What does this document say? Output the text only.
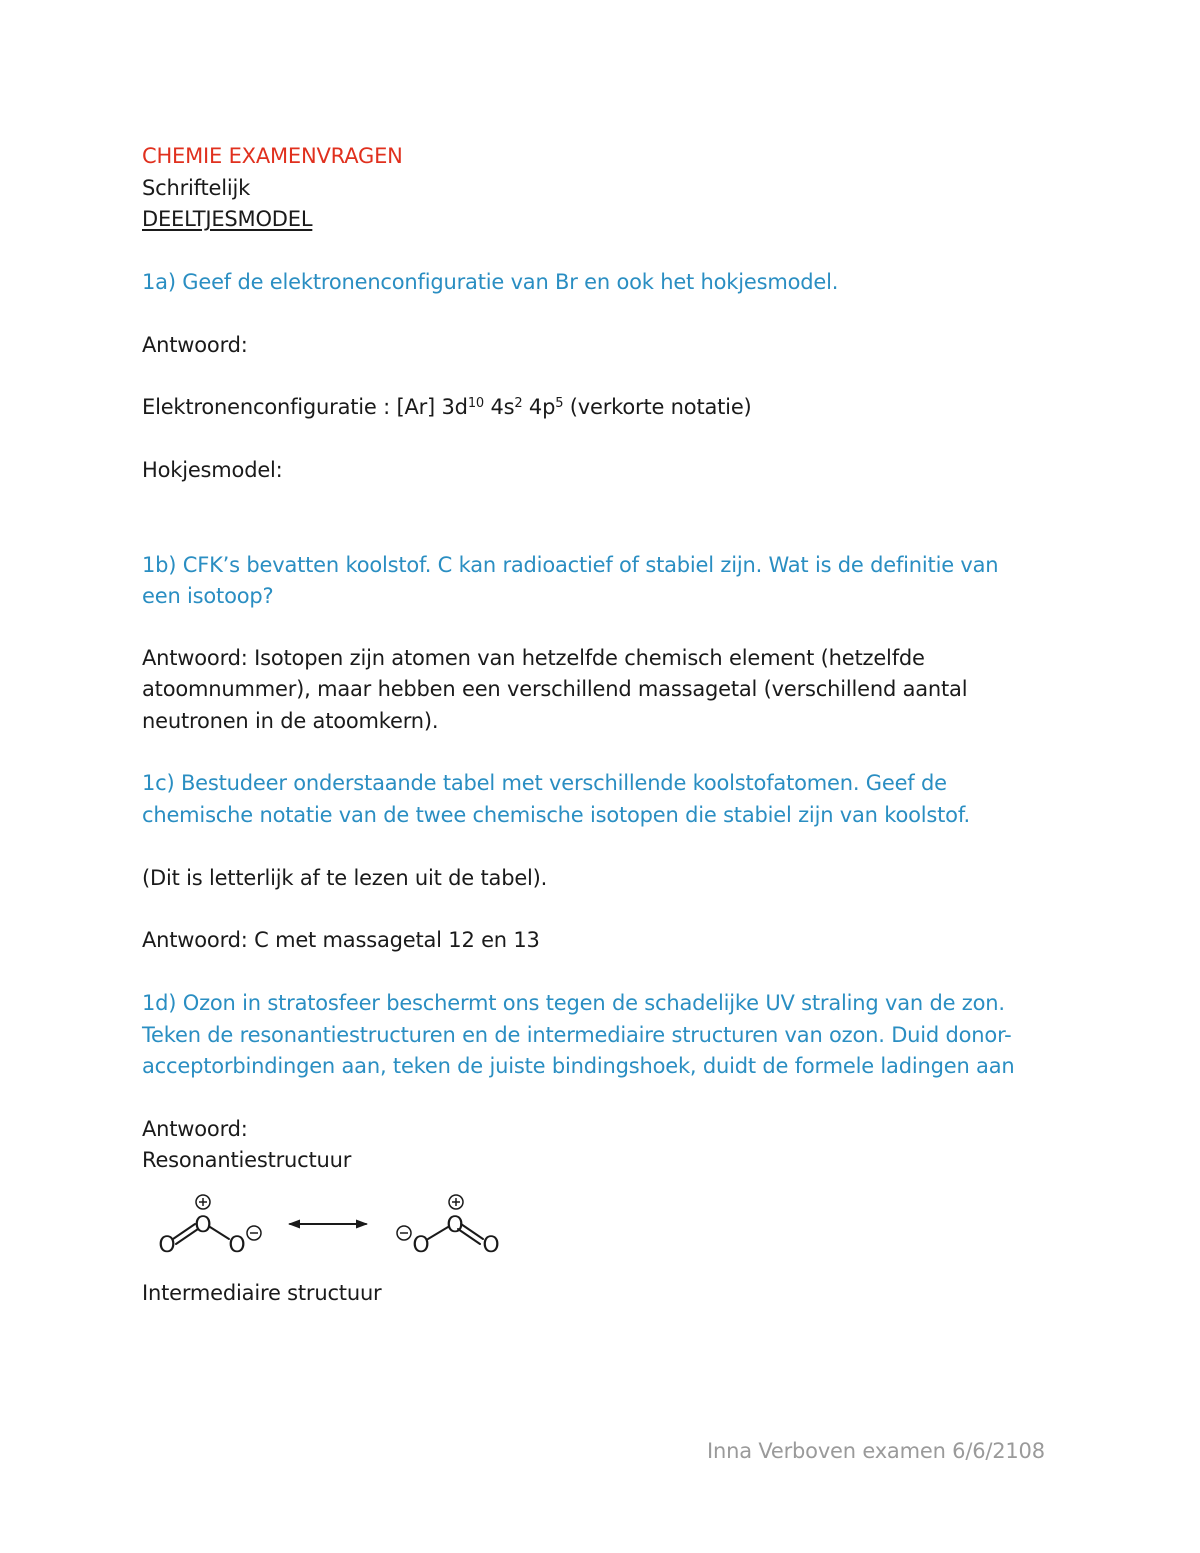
CHEMIE EXAMENVRAGEN

Schriftelijk

DEELTJESMODEL

1a) Geef de elektronenconfiguratie van Br en ook het hokjesmodel.

Antwoord:

Elektronenconfiguratie : [Ar] $3d^{10}$ $4s^2$ $4p^5$ (verkorte notatie)

Hokjesmodel:

1b) CFK’s bevatten koolstof. C kan radioactief of stabiel zijn. Wat is de definitie van

een isotoop?

Antwoord: Isotopen zijn atomen van hetzelfde chemisch element (hetzelfde

atoomnummer), maar hebben een verschillend massagetal (verschillend aantal

neutronen in de atoomkern).

1c) Bestudeer onderstaande tabel met verschillende koolstofatomen. Geef de

chemische notatie van de twee chemische isotopen die stabiel zijn van koolstof.

(Dit is letterlijk af te lezen uit de tabel).

Antwoord: C met massagetal 12 en 13

1d) Ozon in stratosfeer beschermt ons tegen de schadelijke UV straling van de zon.

Teken de resonantiestructuren en de intermediaire structuren van ozon. Duid donor-

acceptorbindingen aan, teken de juiste bindingshoek, duidt de formele ladingen aan

Antwoord:

Resonantiestructuur

O
O
O	O
O
O

Intermediaire structuur

Inna Verboven examen 6/6/2108
